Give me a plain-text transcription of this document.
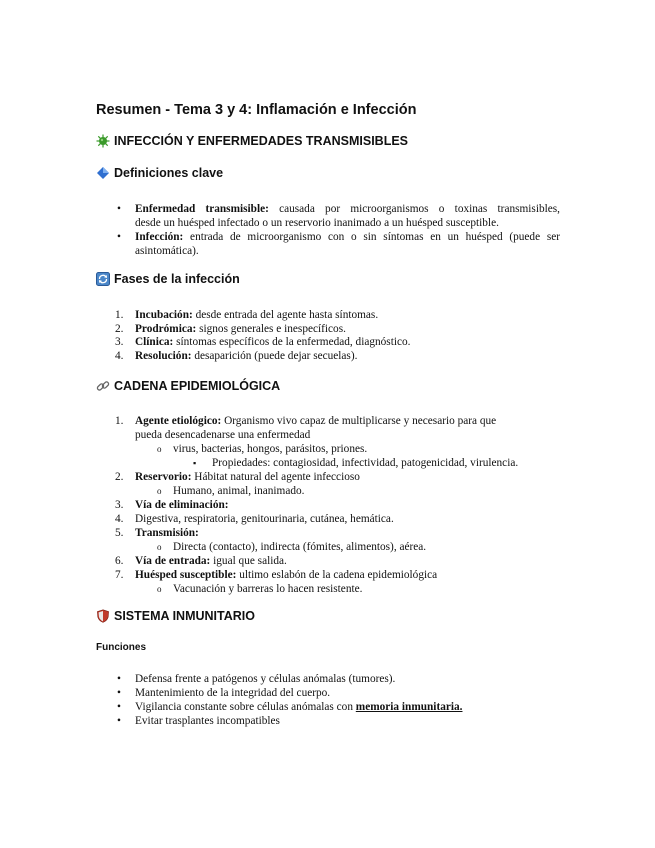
Resumen - Tema 3 y 4: Inflamación e Infección
INFECCIÓN Y ENFERMEDADES TRANSMISIBLES
Definiciones clave
• Enfermedad transmisible: causada por microorganismos o toxinas transmisibles,
desde un huésped infectado o un reservorio inanimado a un huésped susceptible.
• Infección: entrada de microorganismo con o sin síntomas en un huésped (puede ser
asintomática).
Fases de la infección
1. Incubación: desde entrada del agente hasta síntomas.
2. Prodrómica: signos generales e inespecíficos.
3. Clínica: síntomas específicos de la enfermedad, diagnóstico.
4. Resolución: desaparición (puede dejar secuelas).
CADENA EPIDEMIOLÓGICA
1. Agente etiológico: Organismo vivo capaz de multiplicarse y necesario para que
pueda desencadenarse una enfermedad
o virus, bacterias, hongos, parásitos, priones.
▪ Propiedades: contagiosidad, infectividad, patogenicidad, virulencia.
2. Reservorio: Hábitat natural del agente infeccioso
o Humano, animal, inanimado.
3. Vía de eliminación:
4. Digestiva, respiratoria, genitourinaria, cutánea, hemática.
5. Transmisión:
o Directa (contacto), indirecta (fómites, alimentos), aérea.
6. Vía de entrada: igual que salida.
7. Huésped susceptible: ultimo eslabón de la cadena epidemiológica
o Vacunación y barreras lo hacen resistente.
SISTEMA INMUNITARIO
Funciones
• Defensa frente a patógenos y células anómalas (tumores).
• Mantenimiento de la integridad del cuerpo.
• Vigilancia constante sobre células anómalas con memoria inmunitaria.
• Evitar trasplantes incompatibles
